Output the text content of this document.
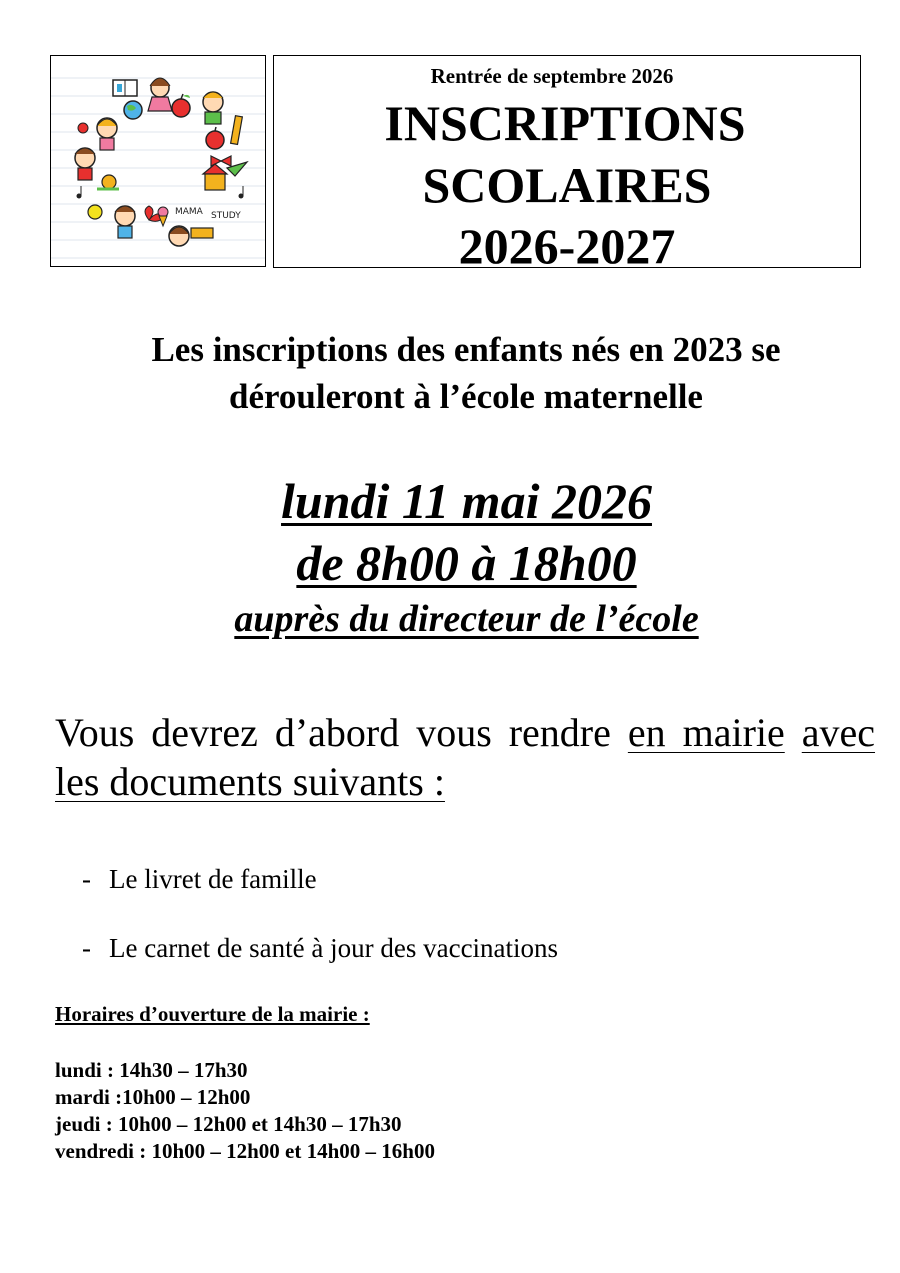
MAMA STUDY
Rentrée de septembre 2026
INSCRIPTIONS
SCOLAIRES
2026-2027
Les inscriptions des enfants nés en 2023 se
dérouleront à l’école maternelle
lundi 11 mai 2026
de 8h00 à 18h00
auprès du directeur de l’école
Vous devrez d’abord vous rendre en mairie avec les documents suivants :
- Le livret de famille
- Le carnet de santé à jour des vaccinations
Horaires d’ouverture de la mairie :
lundi : 14h30 – 17h30
mardi :10h00 – 12h00
jeudi : 10h00 – 12h00 et 14h30 – 17h30
vendredi : 10h00 – 12h00 et 14h00 – 16h00
